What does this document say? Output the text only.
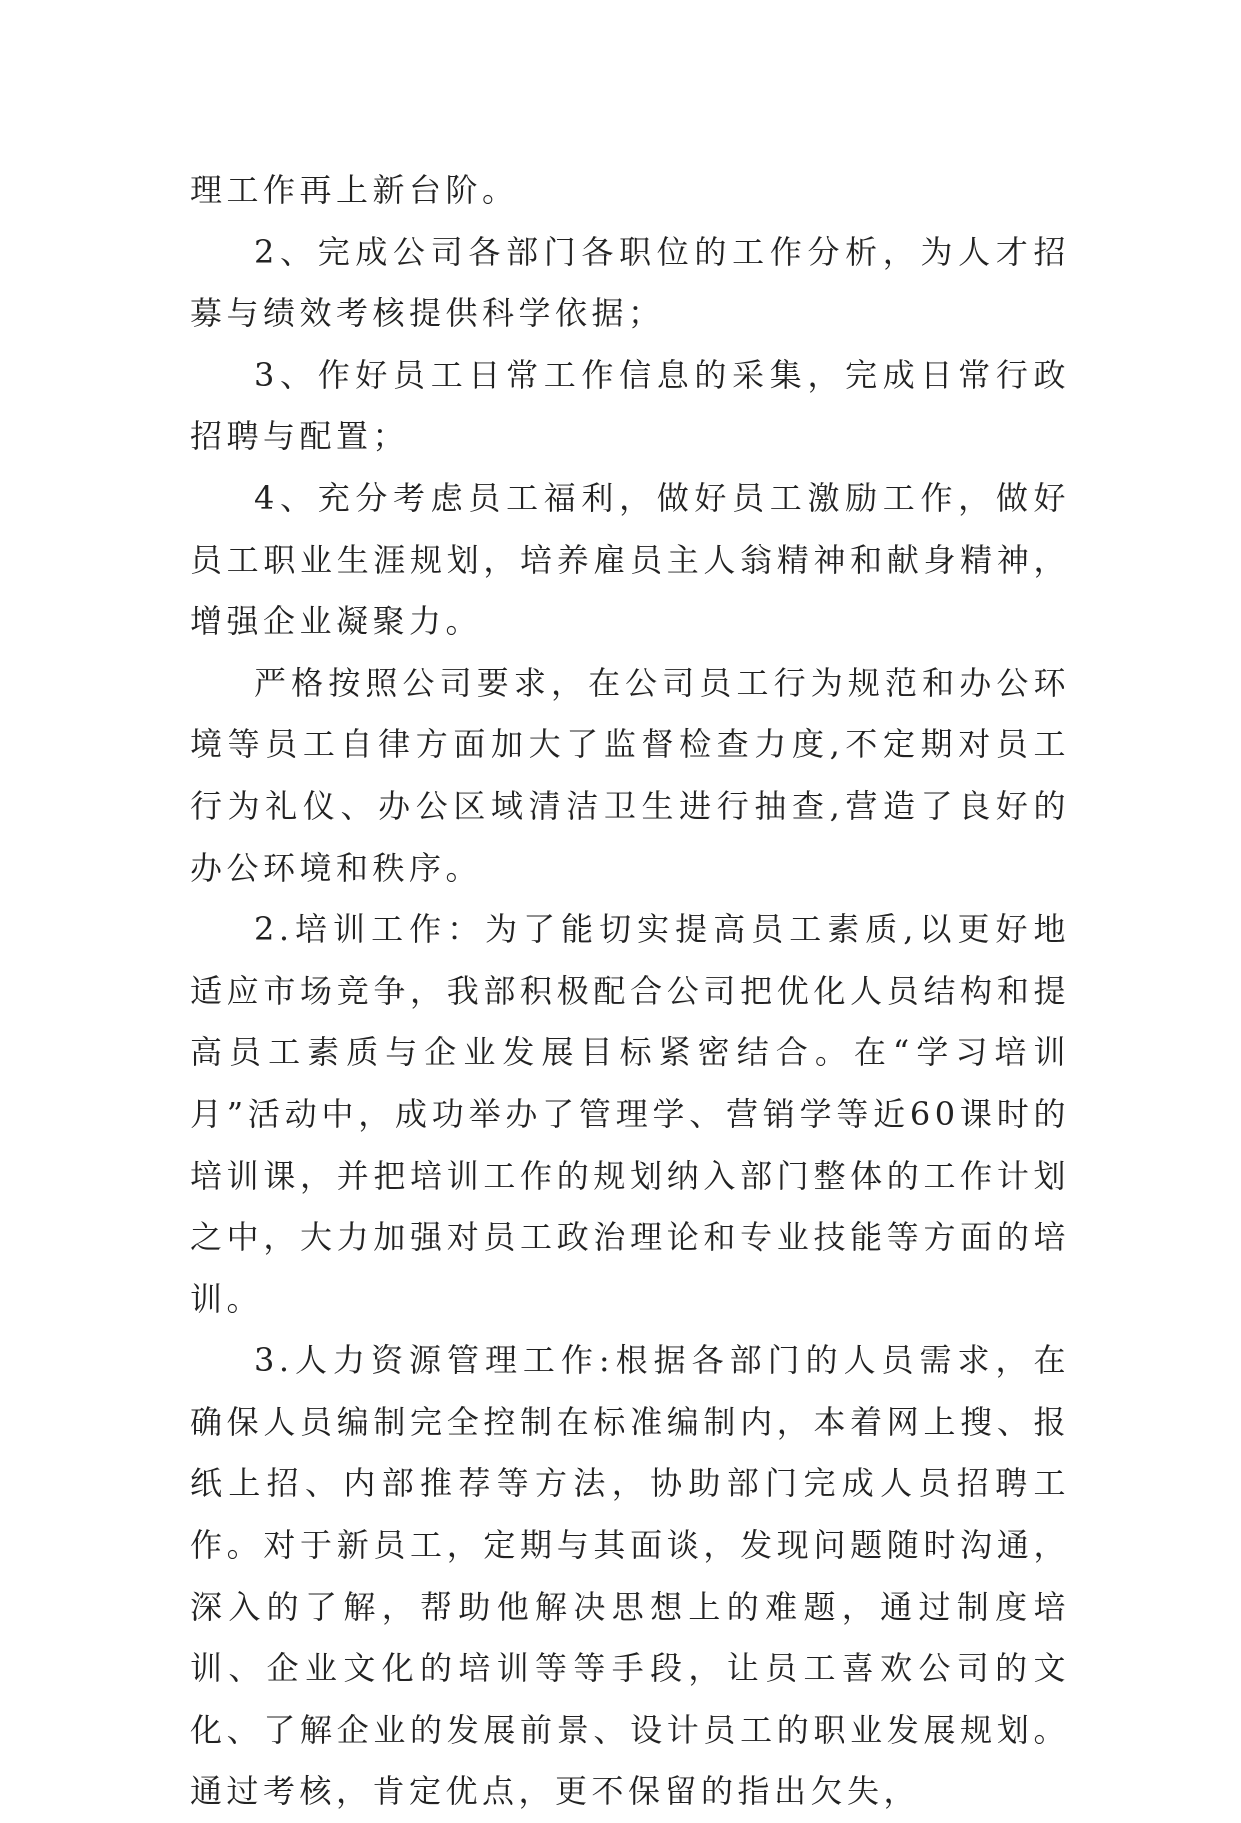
理工作再上新台阶。

2、完成公司各部门各职位的工作分析，为人才招募与绩效考核提供科学依据；

3、作好员工日常工作信息的采集，完成日常行政招聘与配置；

4、充分考虑员工福利，做好员工激励工作，做好员工职业生涯规划，培养雇员主人翁精神和献身精神，增强企业凝聚力。

严格按照公司要求，在公司员工行为规范和办公环境等员工自律方面加大了监督检查力度,不定期对员工行为礼仪、办公区域清洁卫生进行抽查,营造了良好的办公环境和秩序。

2.培训工作：为了能切实提高员工素质,以更好地适应市场竞争，我部积极配合公司把优化人员结构和提高员工素质与企业发展目标紧密结合。在“学习培训月”活动中，成功举办了管理学、营销学等近60课时的培训课，并把培训工作的规划纳入部门整体的工作计划之中，大力加强对员工政治理论和专业技能等方面的培训。

3.人力资源管理工作:根据各部门的人员需求，在确保人员编制完全控制在标准编制内，本着网上搜、报纸上招、内部推荐等方法，协助部门完成人员招聘工作。对于新员工，定期与其面谈，发现问题随时沟通，深入的了解，帮助他解决思想上的难题，通过制度培训、企业文化的培训等等手段，让员工喜欢公司的文化、了解企业的发展前景、设计员工的职业发展规划。通过考核，肯定优点，更不保留的指出欠失，
